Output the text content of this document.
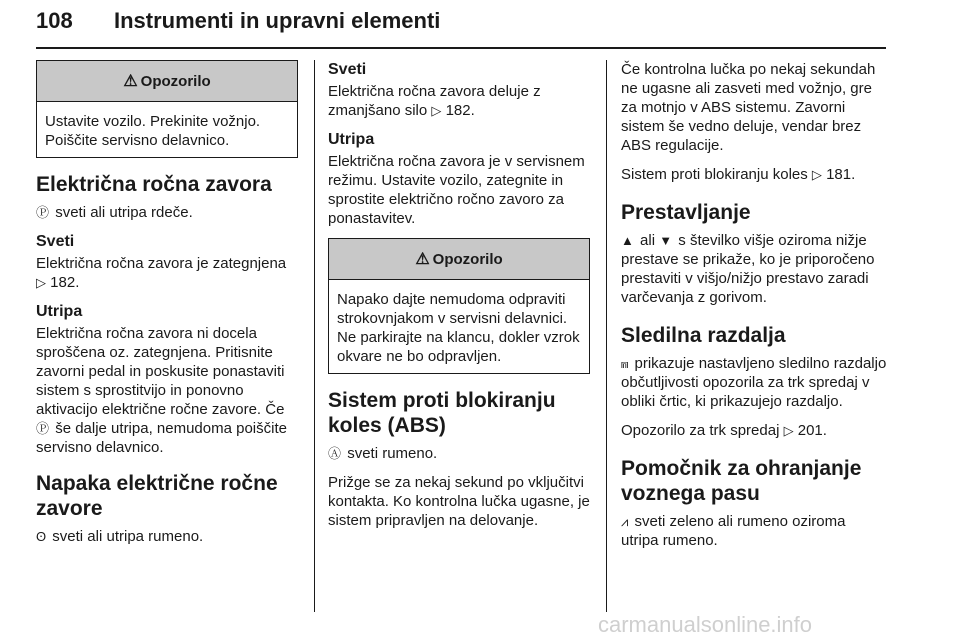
108 Instrumenti in upravni elementi
⚠ Opozorilo
Ustavite vozilo. Prekinite vožnjo. Poiščite servisno delavnico.
Električna ročna zavora

Ⓟ sveti ali utripa rdeče.

Sveti

Električna ročna zavora je zategnjena ▷ 182.

Utripa

Električna ročna zavora ni docela sproščena oz. zategnjena. Pritisnite zavorni pedal in poskusite ponastaviti sistem s sprostitvijo in ponovno aktivacijo električne ročne zavore. Če Ⓟ še dalje utripa, nemudoma poiščite servisno delavnico.

Napaka električne ročne zavore

ʘ sveti ali utripa rumeno.

Sveti

Električna ročna zavora deluje z zmanjšano silo ▷ 182.

Utripa

Električna ročna zavora je v servisnem režimu. Ustavite vozilo, zategnite in sprostite električno ročno zavoro za ponastavitev.

⚠ Opozorilo
Napako dajte nemudoma odpraviti strokovnjakom v servisni delavnici. Ne parkirajte na klancu, dokler vzrok okvare ne bo odpravljen.
Sistem proti blokiranju koles (ABS)

Ⓐ sveti rumeno.

Prižge se za nekaj sekund po vključitvi kontakta. Ko kontrolna lučka ugasne, je sistem pripravljen na delovanje.

Če kontrolna lučka po nekaj sekundah ne ugasne ali zasveti med vožnjo, gre za motnjo v ABS sistemu. Zavorni sistem še vedno deluje, vendar brez ABS regulacije.

Sistem proti blokiranju koles ▷ 181.

Prestavljanje

▲ ali ▼ s številko višje oziroma nižje prestave se prikaže, ko je priporočeno prestaviti v višjo/nižjo prestavo zaradi varčevanja z gorivom.

Sledilna razdalja

⩎ prikazuje nastavljeno sledilno razdaljo občutljivosti opozorila za trk spredaj v obliki črtic, ki prikazujejo razdaljo.

Opozorilo za trk spredaj ▷ 201.

Pomočnik za ohranjanje voznega pasu

⩘ sveti zeleno ali rumeno oziroma utripa rumeno.

carmanualsonline.info
